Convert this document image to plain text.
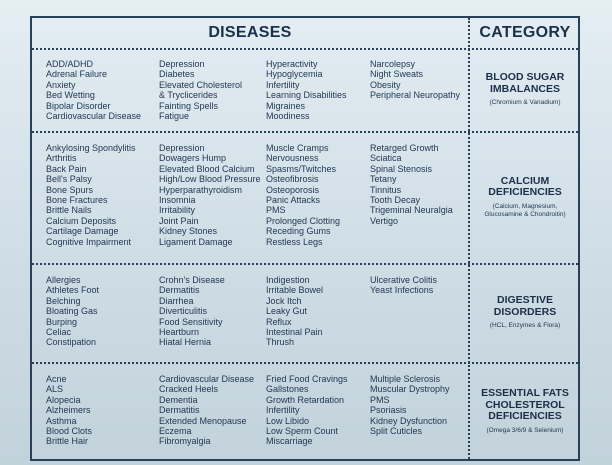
DISEASES	CATEGORY
ADD/ADHD
Adrenal Failure
Anxiety
Bed Wetting
Bipolar Disorder
Cardiovascular Disease
Depression
Diabetes
Elevated Cholesterol
& Tryclicerides
Fainting Spells
Fatigue
Hyperactivity
Hypoglycemia
Infertility
Learning Disabilities
Migraines
Moodiness
Narcolepsy
Night Sweats
Obesity
Peripheral Neuropathy
Ankylosing Spondylitis
Arthritis
Back Pain
Bell's Palsy
Bone Spurs
Bone Fractures
Brittle Nails
Calcium Deposits
Cartilage Damage
Cognitive Impairment
Depression
Dowagers Hump
Elevated Blood Calcium
High/Low Blood Pressure
Hyperparathyroidism
Insomnia
Irritability
Joint Pain
Kidney Stones
Ligament Damage
Muscle Cramps
Nervousness
Spasms/Twitches
Osteofibrosis
Osteoporosis
Panic Attacks
PMS
Prolonged Clotting
Receding Gums
Restless Legs
Retarged Growth
Sciatica
Spinal Stenosis
Tetany
Tinnitus
Tooth Decay
Trigeminal Neuralgia
Vertigo
Allergies
Athletes Foot
Belching
Bloating Gas
Burping
Celiac
Constipation
Crohn's Disease
Dermatitis
Diarrhea
Diverticulitis
Food Sensitivity
Heartburn
Hiatal Hernia
Indigestion
Irritable Bowel
Jock Itch
Leaky Gut
Reflux
Intestinal Pain
Thrush
Ulcerative Colitis
Yeast Infections
Acne
ALS
Alopecia
Alzheimers
Asthma
Blood Clots
Brittle Hair
Cardiovascular Disease
Cracked Heels
Dementia
Dermatitis
Extended Menopause
Eczema
Fibromyalgia
Fried Food Cravings
Gallstones
Growth Retardation
Infertility
Low Libido
Low Sperm Count
Miscarriage
Multiple Sclerosis
Muscular Dystrophy
PMS
Psoriasis
Kidney Dysfunction
Split Cuticles
BLOOD SUGAR
IMBALANCES
(Chromium & Vanadium)
CALCIUM
DEFICIENCIES
(Calcium, Magnesium,
Glucosamine & Chondroitin)
DIGESTIVE
DISORDERS
(HCL, Enzymes & Flora)
ESSENTIAL FATS
CHOLESTEROL
DEFICIENCIES
(Omega 3/6/9 & Selenium)
